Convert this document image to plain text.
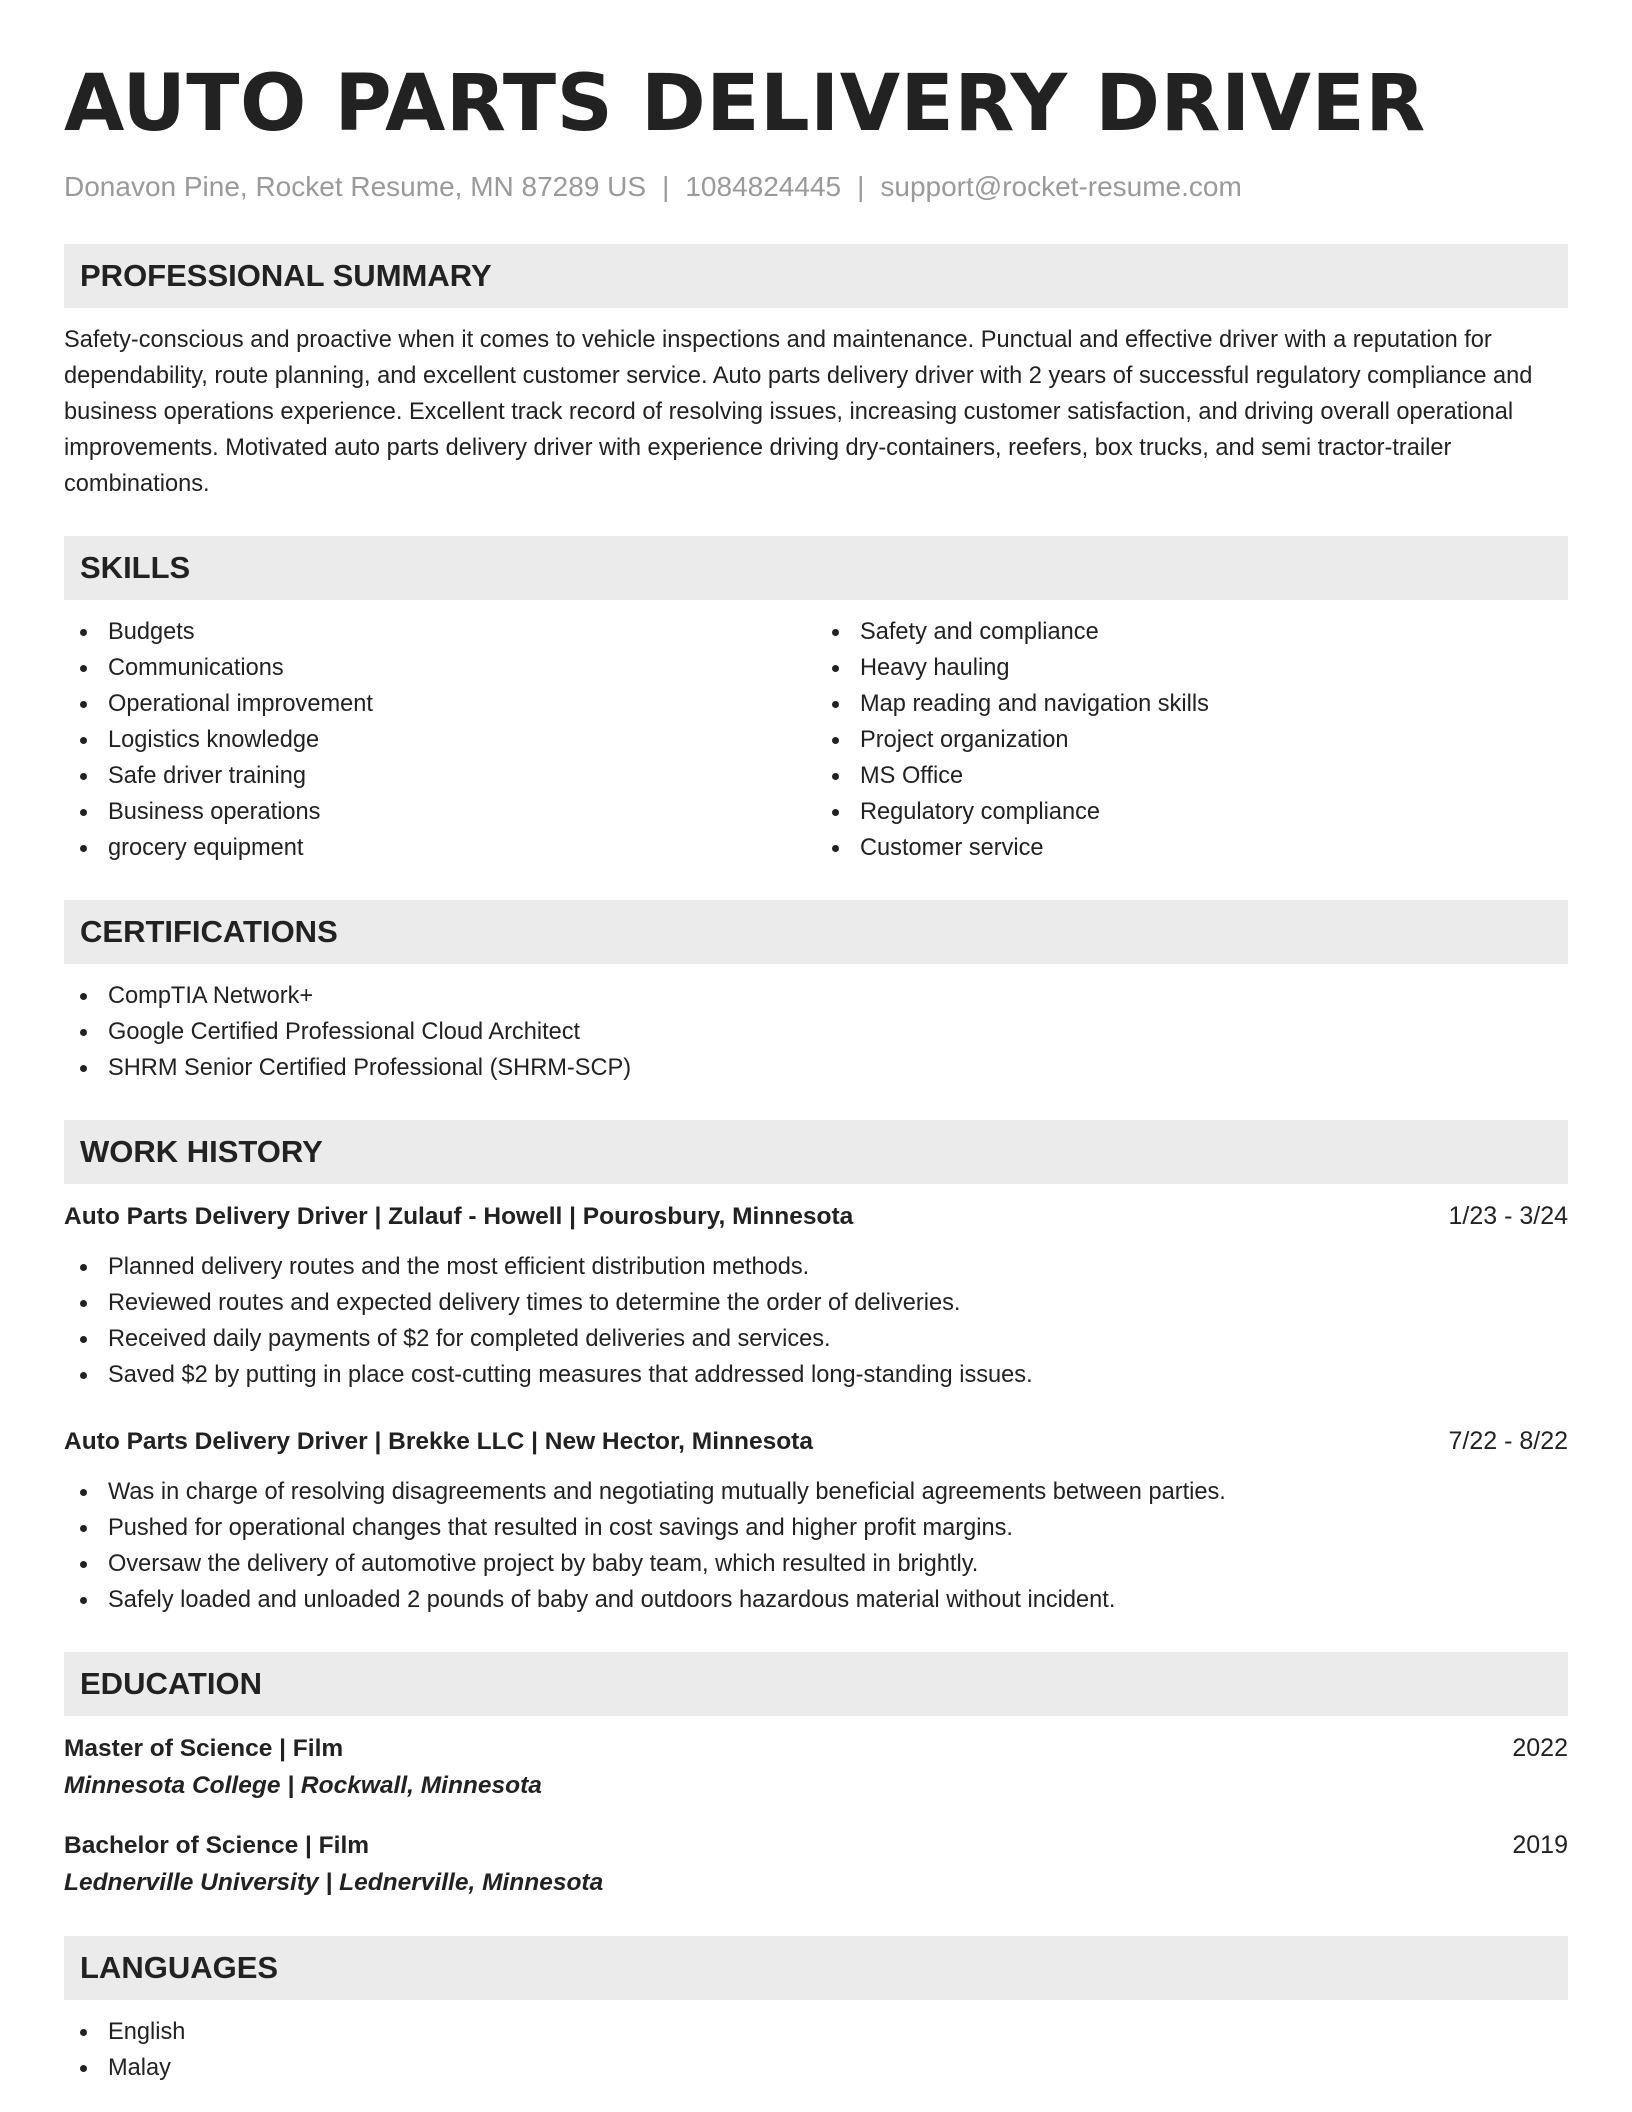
AUTO PARTS DELIVERY DRIVER
Donavon Pine, Rocket Resume, MN 87289 US | 1084824445 | support@rocket-resume.com
PROFESSIONAL SUMMARY
Safety-conscious and proactive when it comes to vehicle inspections and maintenance. Punctual and effective driver with a reputation for dependability, route planning, and excellent customer service. Auto parts delivery driver with 2 years of successful regulatory compliance and business operations experience. Excellent track record of resolving issues, increasing customer satisfaction, and driving overall operational improvements. Motivated auto parts delivery driver with experience driving dry-containers, reefers, box trucks, and semi tractor-trailer combinations.
SKILLS
Budgets
Communications
Operational improvement
Logistics knowledge
Safe driver training
Business operations
grocery equipment
Safety and compliance
Heavy hauling
Map reading and navigation skills
Project organization
MS Office
Regulatory compliance
Customer service
CERTIFICATIONS
CompTIA Network+
Google Certified Professional Cloud Architect
SHRM Senior Certified Professional (SHRM-SCP)
WORK HISTORY
Auto Parts Delivery Driver | Zulauf - Howell | Pourosbury, Minnesota	1/23 - 3/24
Planned delivery routes and the most efficient distribution methods.
Reviewed routes and expected delivery times to determine the order of deliveries.
Received daily payments of $2 for completed deliveries and services.
Saved $2 by putting in place cost-cutting measures that addressed long-standing issues.
Auto Parts Delivery Driver | Brekke LLC | New Hector, Minnesota	7/22 - 8/22
Was in charge of resolving disagreements and negotiating mutually beneficial agreements between parties.
Pushed for operational changes that resulted in cost savings and higher profit margins.
Oversaw the delivery of automotive project by baby team, which resulted in brightly.
Safely loaded and unloaded 2 pounds of baby and outdoors hazardous material without incident.
EDUCATION
Master of Science | Film	2022
Minnesota College | Rockwall, Minnesota
Bachelor of Science | Film	2019
Lednerville University | Lednerville, Minnesota
LANGUAGES
English
Malay
